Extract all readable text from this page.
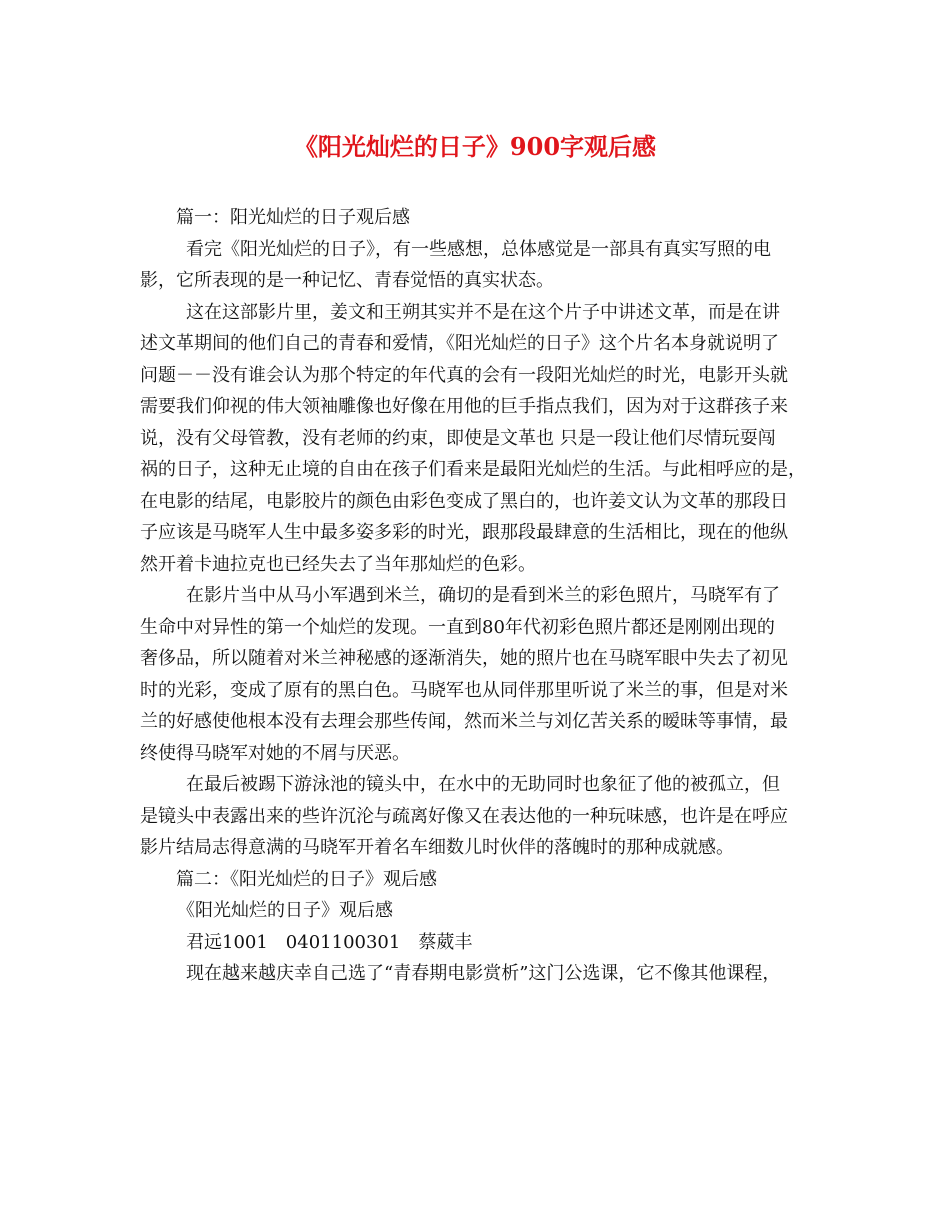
《阳光灿烂的日子》900字观后感
篇一：阳光灿烂的日子观后感
看完《阳光灿烂的日子》，有一些感想，总体感觉是一部具有真实写照的电
影，它所表现的是一种记忆、青春觉悟的真实状态。
这在这部影片里，姜文和王朔其实并不是在这个片子中讲述文革，而是在讲
述文革期间的他们自己的青春和爱情，《阳光灿烂的日子》这个片名本身就说明了
问题－－没有谁会认为那个特定的年代真的会有一段阳光灿烂的时光，电影开头就
需要我们仰视的伟大领袖雕像也好像在用他的巨手指点我们，因为对于这群孩子来
说，没有父母管教，没有老师的约束，即使是文革也 只是一段让他们尽情玩耍闯
祸的日子，这种无止境的自由在孩子们看来是最阳光灿烂的生活。与此相呼应的是，
在电影的结尾，电影胶片的颜色由彩色变成了黑白的，也许姜文认为文革的那段日
子应该是马晓军人生中最多姿多彩的时光，跟那段最肆意的生活相比，现在的他纵
然开着卡迪拉克也已经失去了当年那灿烂的色彩。
在影片当中从马小军遇到米兰，确切的是看到米兰的彩色照片，马晓军有了
生命中对异性的第一个灿烂的发现。一直到80年代初彩色照片都还是刚刚出现的
奢侈品，所以随着对米兰神秘感的逐渐消失，她的照片也在马晓军眼中失去了初见
时的光彩，变成了原有的黑白色。马晓军也从同伴那里听说了米兰的事，但是对米
兰的好感使他根本没有去理会那些传闻，然而米兰与刘亿苦关系的暧昧等事情，最
终使得马晓军对她的不屑与厌恶。
在最后被踢下游泳池的镜头中，在水中的无助同时也象征了他的被孤立，但
是镜头中表露出来的些许沉沦与疏离好像又在表达他的一种玩味感，也许是在呼应
影片结局志得意满的马晓军开着名车细数儿时伙伴的落魄时的那种成就感。
篇二：《阳光灿烂的日子》观后感
《阳光灿烂的日子》观后感
君远1001　0401100301　蔡葳丰
现在越来越庆幸自己选了“青春期电影赏析”这门公选课，它不像其他课程，
